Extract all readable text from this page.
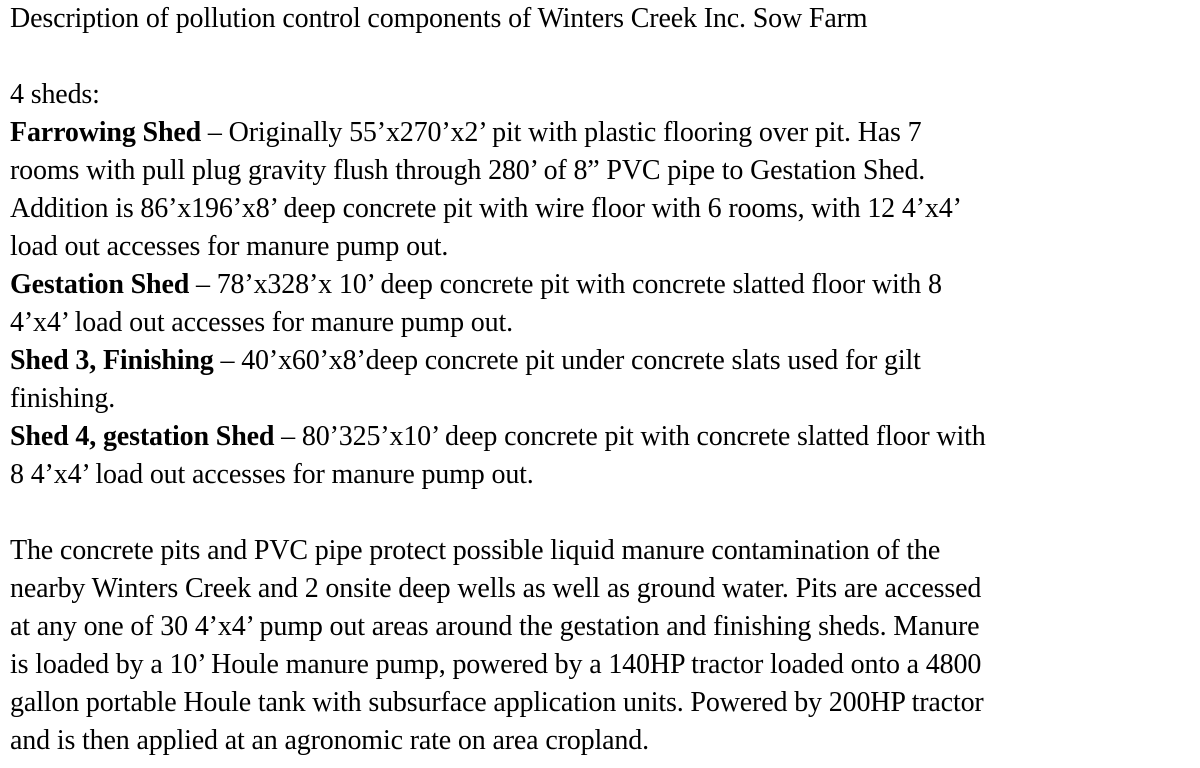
Description of pollution control components of Winters Creek Inc. Sow Farm
4 sheds:
Farrowing Shed – Originally 55’x270’x2’ pit with plastic flooring over pit. Has 7
rooms with pull plug gravity flush through 280’ of 8” PVC pipe to Gestation Shed.
Addition is 86’x196’x8’ deep concrete pit with wire floor with 6 rooms, with 12 4’x4’
load out accesses for manure pump out.
Gestation Shed – 78’x328’x 10’ deep concrete pit with concrete slatted floor with 8
4’x4’ load out accesses for manure pump out.
Shed 3, Finishing – 40’x60’x8’deep concrete pit under concrete slats used for gilt
finishing.
Shed 4, gestation Shed – 80’325’x10’ deep concrete pit with concrete slatted floor with
8 4’x4’ load out accesses for manure pump out.
The concrete pits and PVC pipe protect possible liquid manure contamination of the
nearby Winters Creek and 2 onsite deep wells as well as ground water. Pits are accessed
at any one of 30 4’x4’ pump out areas around the gestation and finishing sheds. Manure
is loaded by a 10’ Houle manure pump, powered by a 140HP tractor loaded onto a 4800
gallon portable Houle tank with subsurface application units. Powered by 200HP tractor
and is then applied at an agronomic rate on area cropland.
